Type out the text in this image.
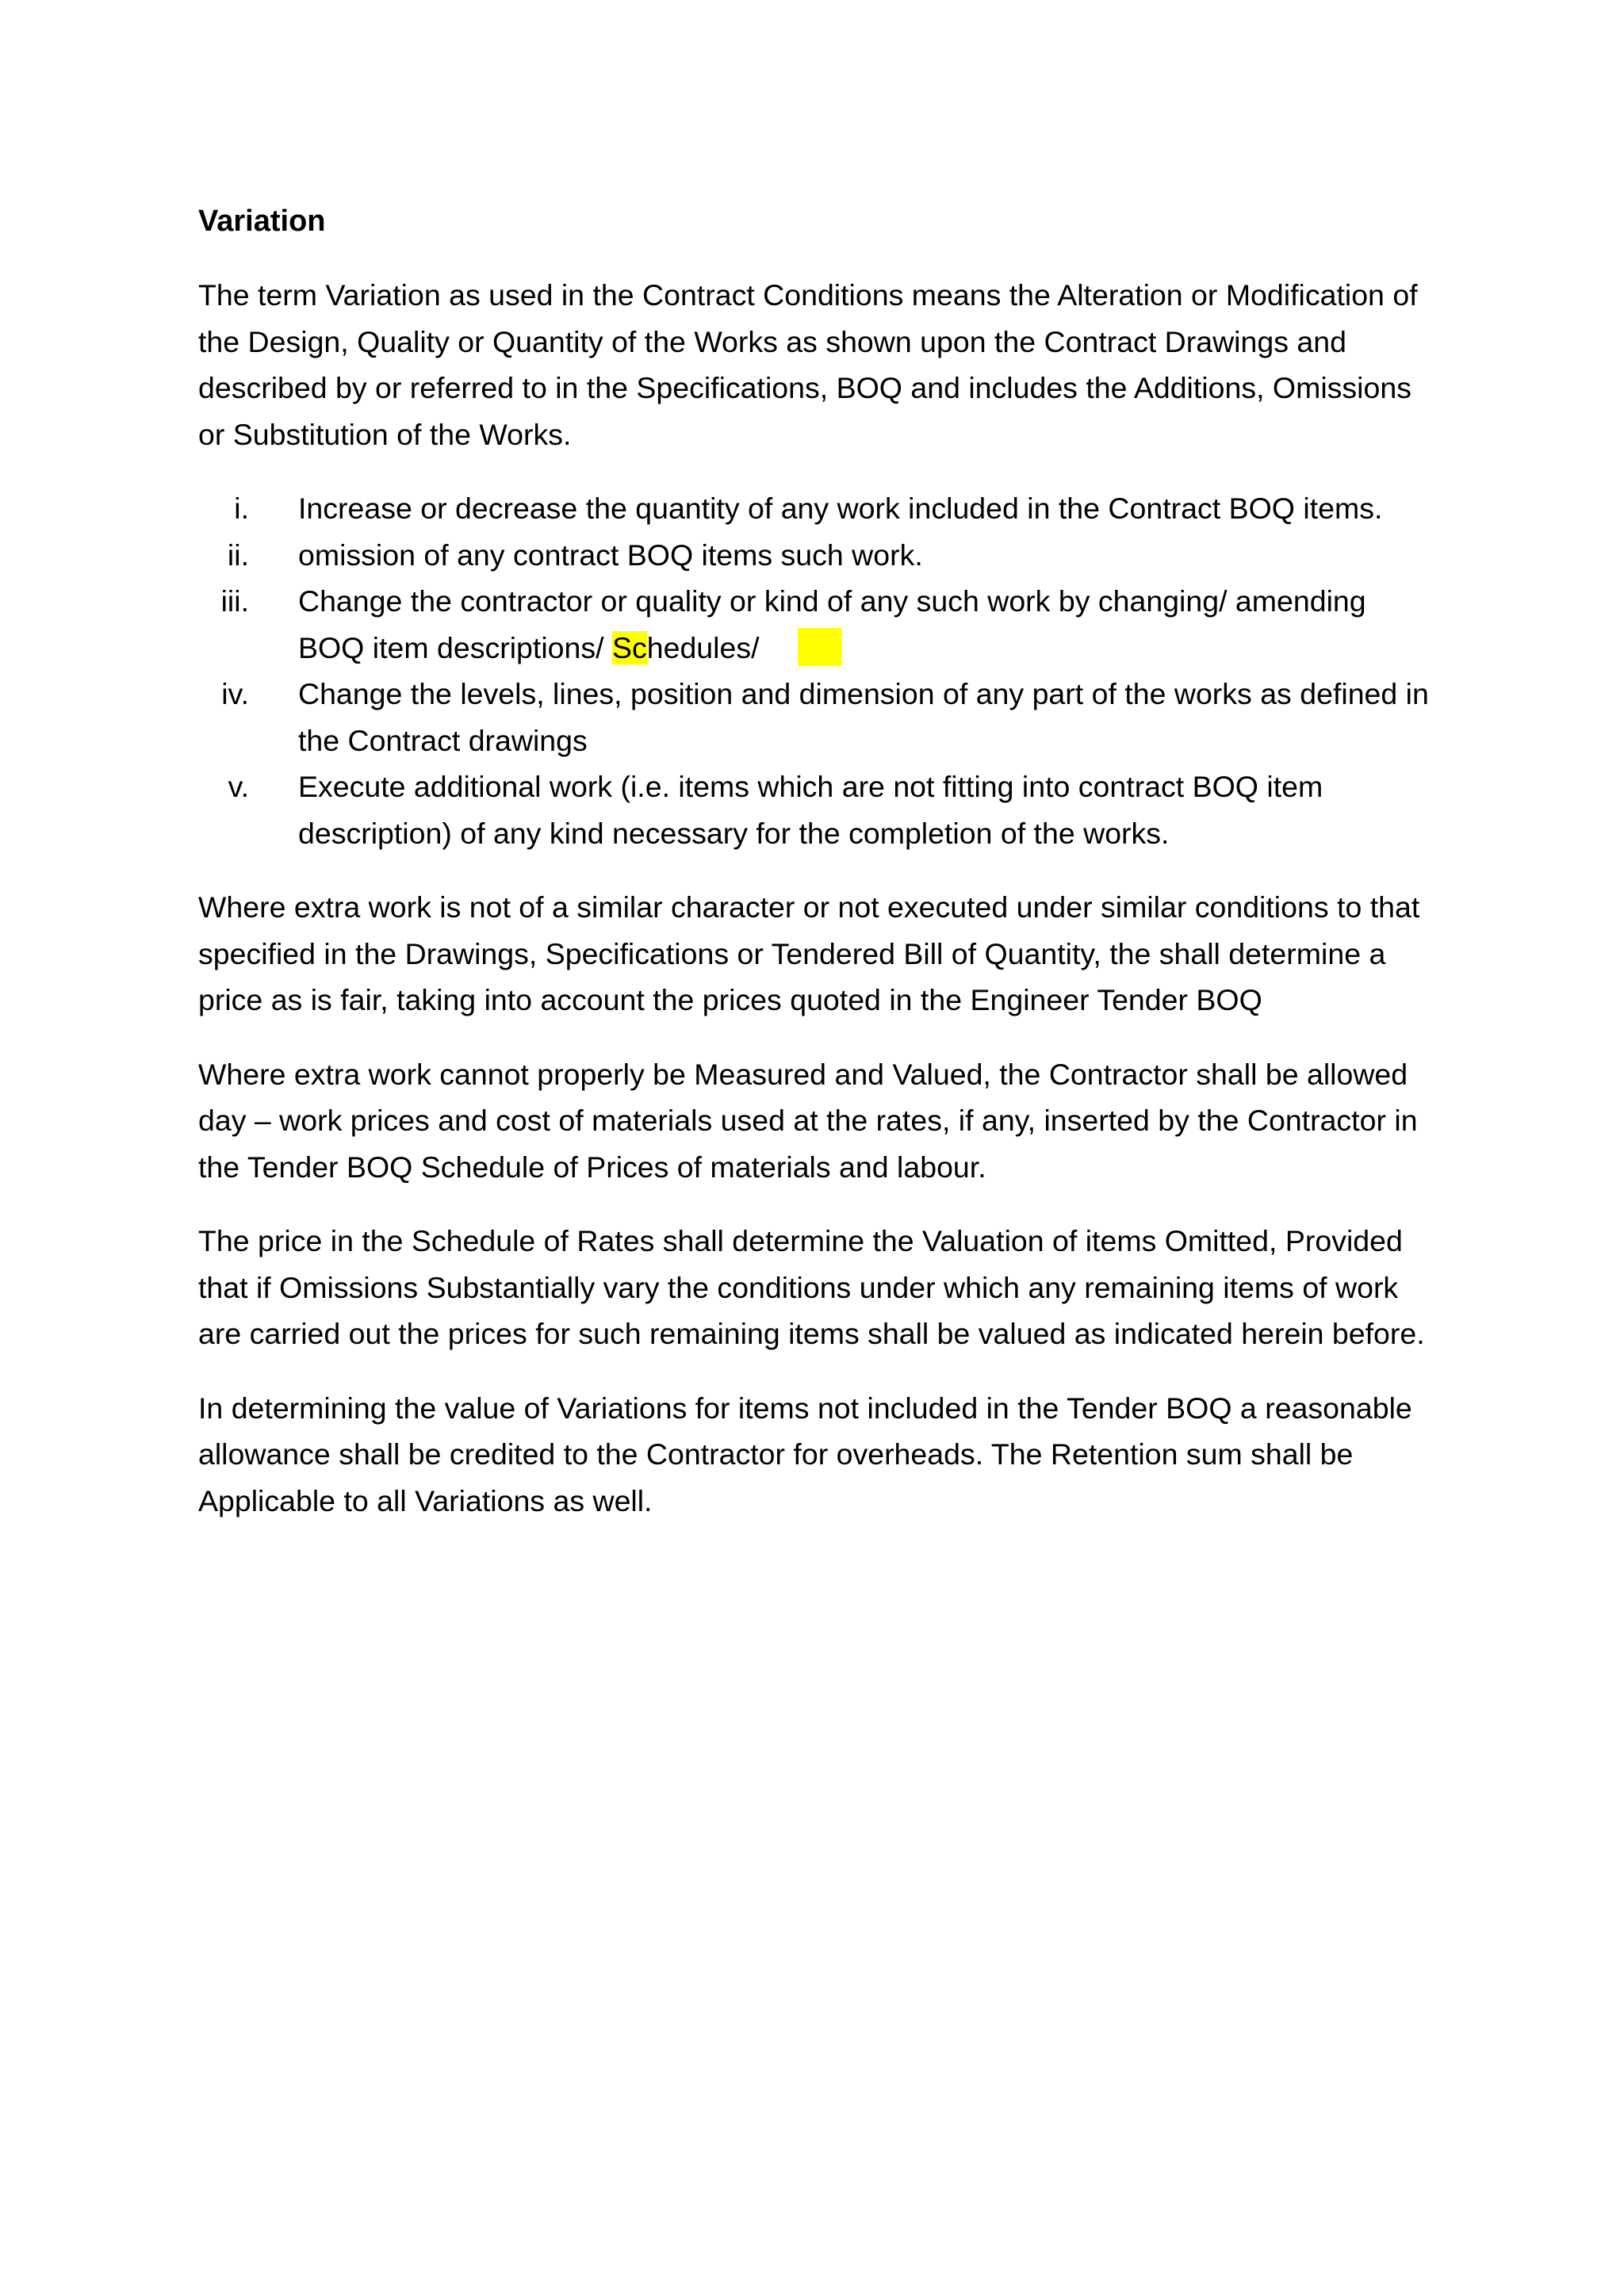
Variation

The term Variation as used in the Contract Conditions means the Alteration or Modification of the Design, Quality or Quantity of the Works as shown upon the Contract Drawings and described by or referred to in the Specifications, BOQ and includes the Additions, Omissions or Substitution of the Works.

i. Increase or decrease the quantity of any work included in the Contract BOQ items.
ii. omission of any contract BOQ items such work.
iii. Change the contractor or quality or kind of any such work by changing/ amending BOQ item descriptions/ Schedules/
iv. Change the levels, lines, position and dimension of any part of the works as defined in the Contract drawings
v. Execute additional work (i.e. items which are not fitting into contract BOQ item description) of any kind necessary for the completion of the works.

Where extra work is not of a similar character or not executed under similar conditions to that specified in the Drawings, Specifications or Tendered Bill of Quantity, the shall determine a price as is fair, taking into account the prices quoted in the Engineer Tender BOQ

Where extra work cannot properly be Measured and Valued, the Contractor shall be allowed day – work prices and cost of materials used at the rates, if any, inserted by the Contractor in the Tender BOQ Schedule of Prices of materials and labour.

The price in the Schedule of Rates shall determine the Valuation of items Omitted, Provided that if Omissions Substantially vary the conditions under which any remaining items of work are carried out the prices for such remaining items shall be valued as indicated herein before.

In determining the value of Variations for items not included in the Tender BOQ a reasonable allowance shall be credited to the Contractor for overheads. The Retention sum shall be Applicable to all Variations as well.
